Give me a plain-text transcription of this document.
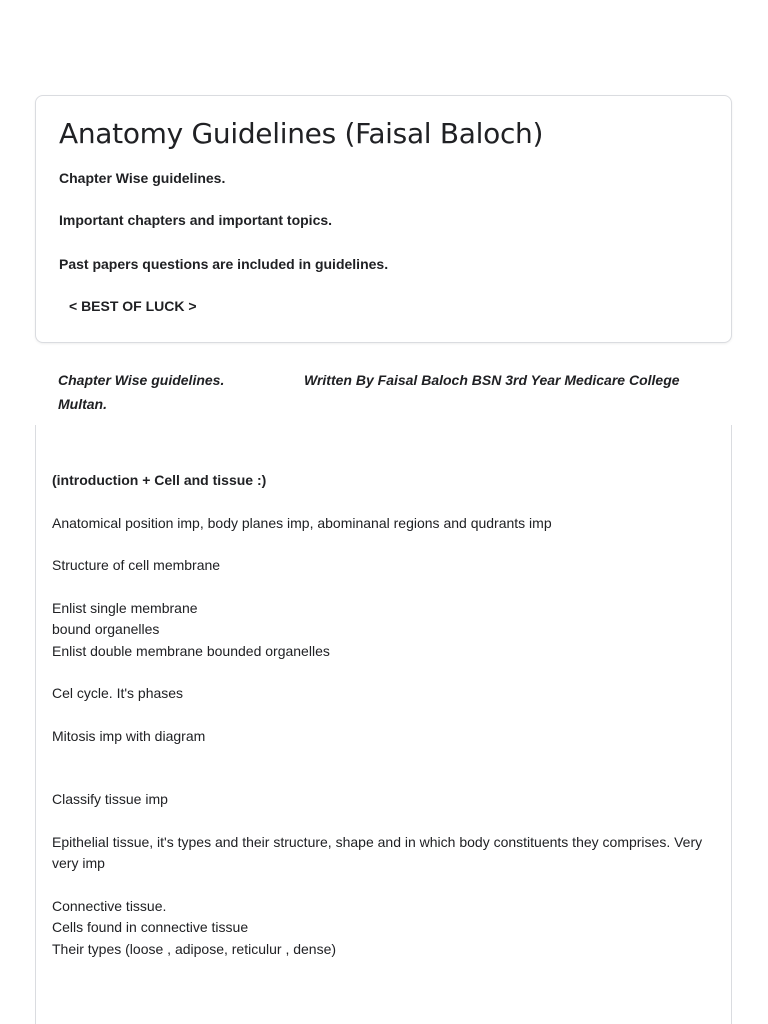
Anatomy Guidelines (Faisal Baloch)

Chapter Wise guidelines.

Important chapters and important topics.

Past papers questions are included in guidelines.

< BEST OF LUCK >

Chapter Wise guidelines.	Written By Faisal Baloch BSN 3rd Year Medicare College

Multan.

(introduction + Cell and tissue :)

Anatomical position imp, body planes imp, abominanal regions and qudrants imp

Structure of cell membrane

Enlist single membrane

bound organelles

Enlist double membrane bounded organelles

Cel cycle. It's phases

Mitosis imp with diagram

Classify tissue imp

Epithelial tissue, it's types and their structure, shape and in which body constituents they comprises. Very very imp

Connective tissue.

Cells found in connective tissue

Their types (loose , adipose, reticulur , dense)
